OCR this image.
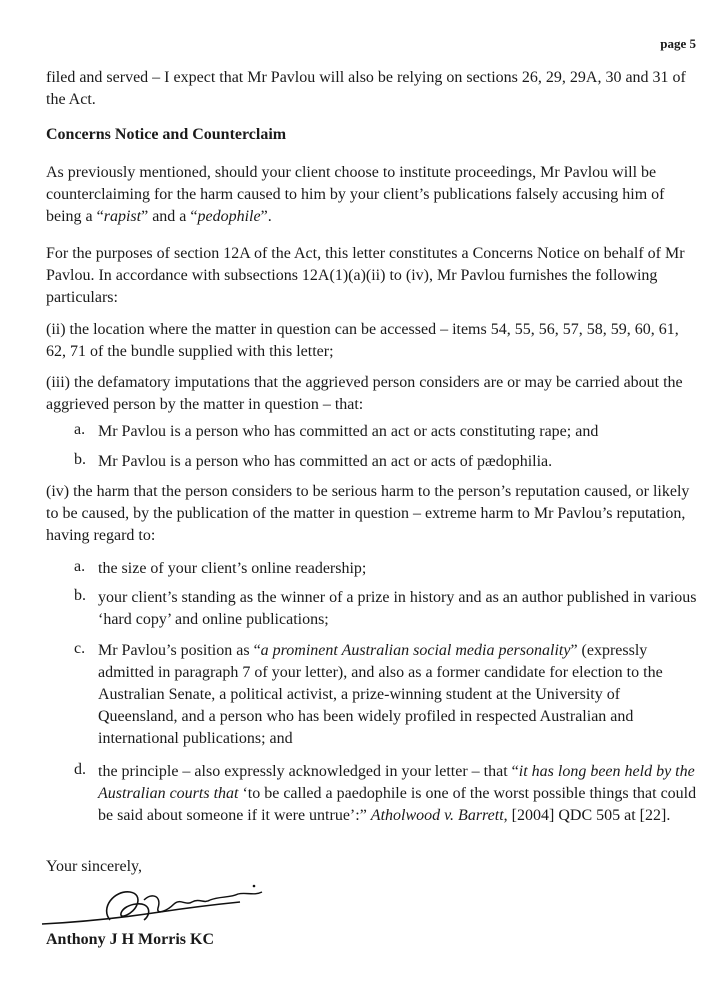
page 5

filed and served – I expect that Mr Pavlou will also be relying on sections 26, 29, 29A, 30 and 31 of the Act.

Concerns Notice and Counterclaim

As previously mentioned, should your client choose to institute proceedings, Mr Pavlou will be counterclaiming for the harm caused to him by your client’s publications falsely accusing him of being a “rapist” and a “pedophile”.

For the purposes of section 12A of the Act, this letter constitutes a Concerns Notice on behalf of Mr Pavlou. In accordance with subsections 12A(1)(a)(ii) to (iv), Mr Pavlou furnishes the following particulars:

(ii) the location where the matter in question can be accessed – items 54, 55, 56, 57, 58, 59, 60, 61, 62, 71 of the bundle supplied with this letter;

(iii) the defamatory imputations that the aggrieved person considers are or may be carried about the aggrieved person by the matter in question – that:

a. Mr Pavlou is a person who has committed an act or acts constituting rape; and

b. Mr Pavlou is a person who has committed an act or acts of pædophilia.

(iv) the harm that the person considers to be serious harm to the person’s reputation caused, or likely to be caused, by the publication of the matter in question – extreme harm to Mr Pavlou’s reputation, having regard to:

a. the size of your client’s online readership;

b. your client’s standing as the winner of a prize in history and as an author published in various ‘hard copy’ and online publications;

c. Mr Pavlou’s position as “a prominent Australian social media personality” (expressly admitted in paragraph 7 of your letter), and also as a former candidate for election to the Australian Senate, a political activist, a prize-winning student at the University of Queensland, and a person who has been widely profiled in respected Australian and international publications; and

d. the principle – also expressly acknowledged in your letter – that “it has long been held by the Australian courts that ‘to be called a paedophile is one of the worst possible things that could be said about someone if it were untrue’:” Atholwood v. Barrett, [2004] QDC 505 at [22].

Your sincerely,
Anthony J H Morris KC
